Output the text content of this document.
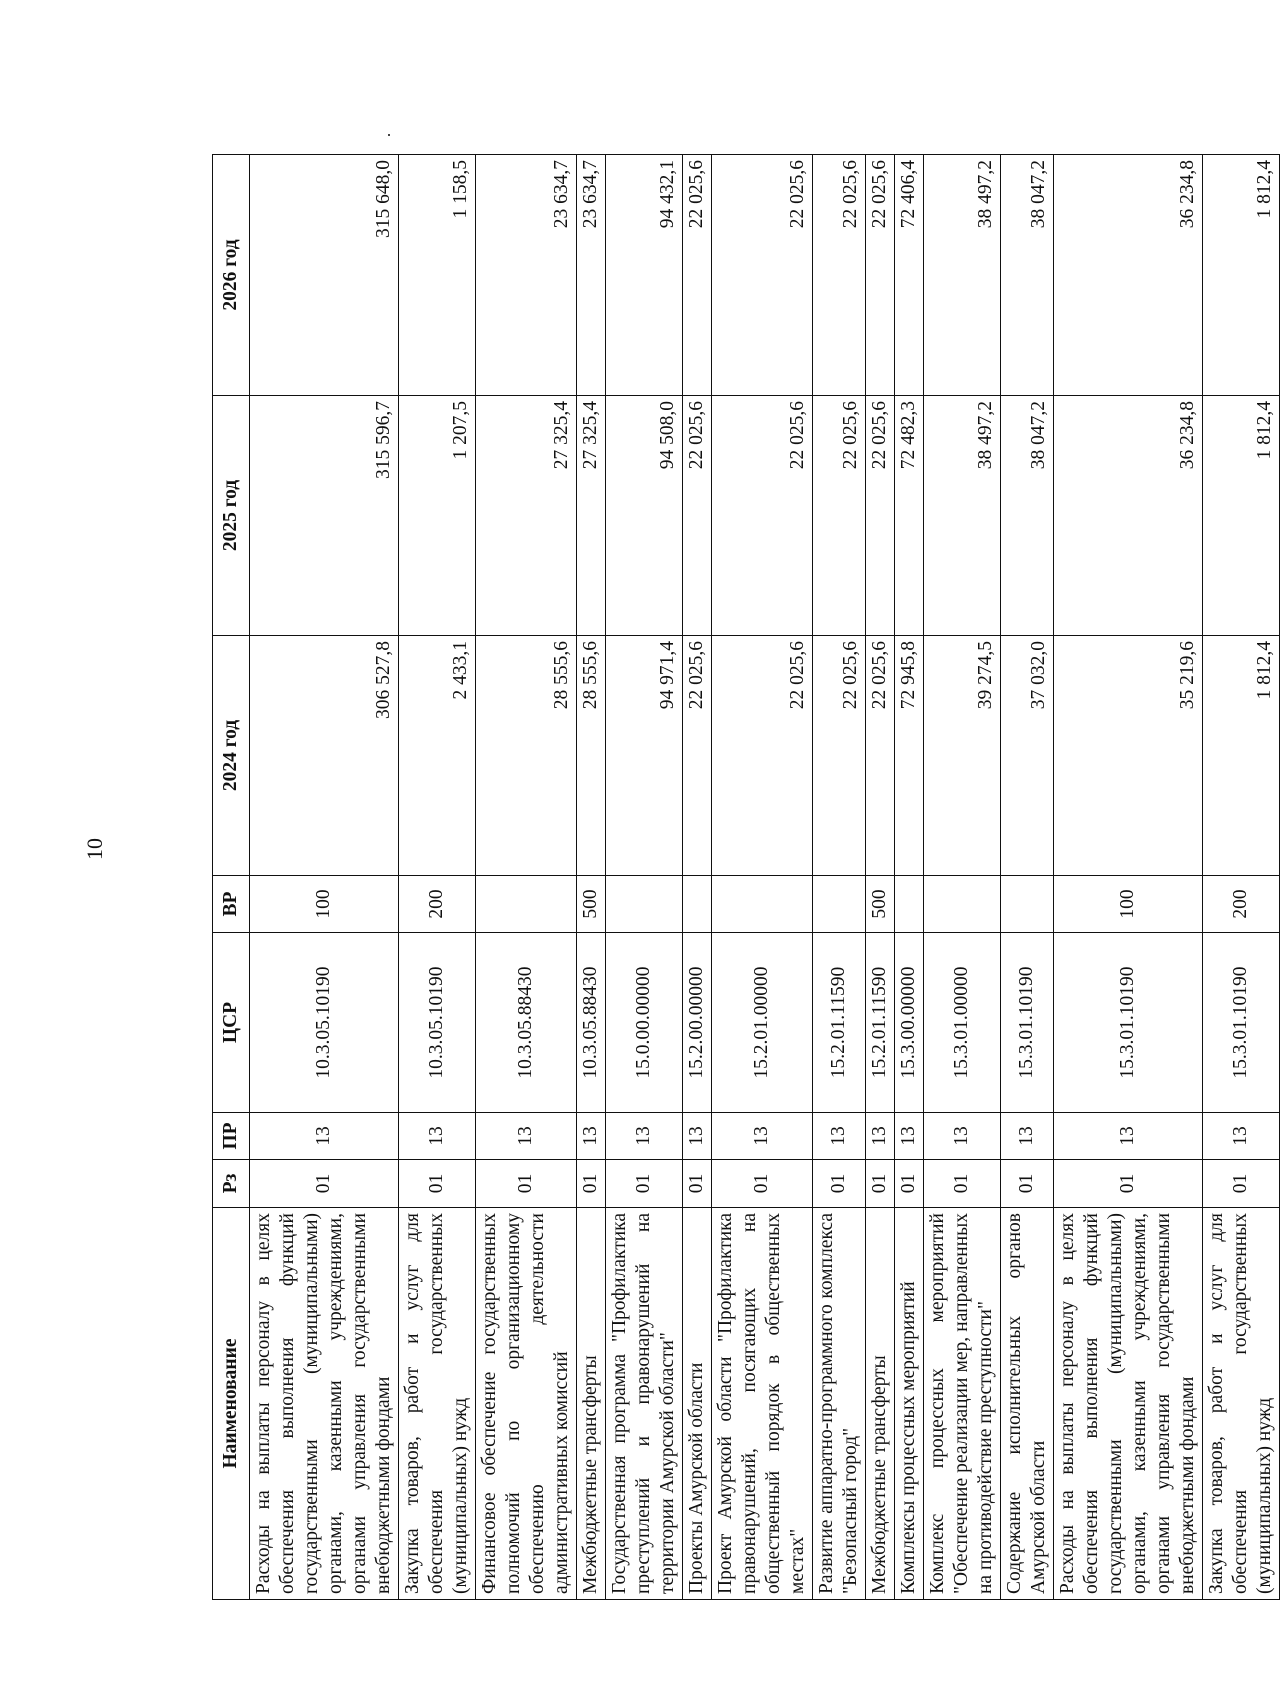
10
Наименование	Рз	ПР	ЦСР	ВР	2024 год	2025 год	2026 год
Расходы на выплаты персоналу в целях обеспечения выполнения функций государственными (муниципальными) органами, казенными учреждениями, органами управления государственными внебюджетными фондами	01	13	10.3.05.10190	100	306 527,8	315 596,7	315 648,0
Закупка товаров, работ и услуг для обеспечения государственных (муниципальных) нужд	01	13	10.3.05.10190	200	2 433,1	1 207,5	1 158,5
Финансовое обеспечение государственных полномочий по организационному обеспечению деятельности административных комиссий	01	13	10.3.05.88430		28 555,6	27 325,4	23 634,7
Межбюджетные трансферты	01	13	10.3.05.88430	500	28 555,6	27 325,4	23 634,7
Государственная программа "Профилактика преступлений и правонарушений на территории Амурской области"	01	13	15.0.00.00000		94 971,4	94 508,0	94 432,1
Проекты Амурской области	01	13	15.2.00.00000		22 025,6	22 025,6	22 025,6
Проект Амурской области "Профилактика правонарушений, посягающих на общественный порядок в общественных местах"	01	13	15.2.01.00000		22 025,6	22 025,6	22 025,6
Развитие аппаратно-программного комплекса "Безопасный город"	01	13	15.2.01.11590		22 025,6	22 025,6	22 025,6
Межбюджетные трансферты	01	13	15.2.01.11590	500	22 025,6	22 025,6	22 025,6
Комплексы процессных мероприятий	01	13	15.3.00.00000		72 945,8	72 482,3	72 406,4
Комплекс процессных мероприятий "Обеспечение реализации мер, направленных на противодействие преступности"	01	13	15.3.01.00000		39 274,5	38 497,2	38 497,2
Содержание исполнительных органов Амурской области	01	13	15.3.01.10190		37 032,0	38 047,2	38 047,2
Расходы на выплаты персоналу в целях обеспечения выполнения функций государственными (муниципальными) органами, казенными учреждениями, органами управления государственными внебюджетными фондами	01	13	15.3.01.10190	100	35 219,6	36 234,8	36 234,8
Закупка товаров, работ и услуг для обеспечения государственных (муниципальных) нужд	01	13	15.3.01.10190	200	1 812,4	1 812,4	1 812,4
